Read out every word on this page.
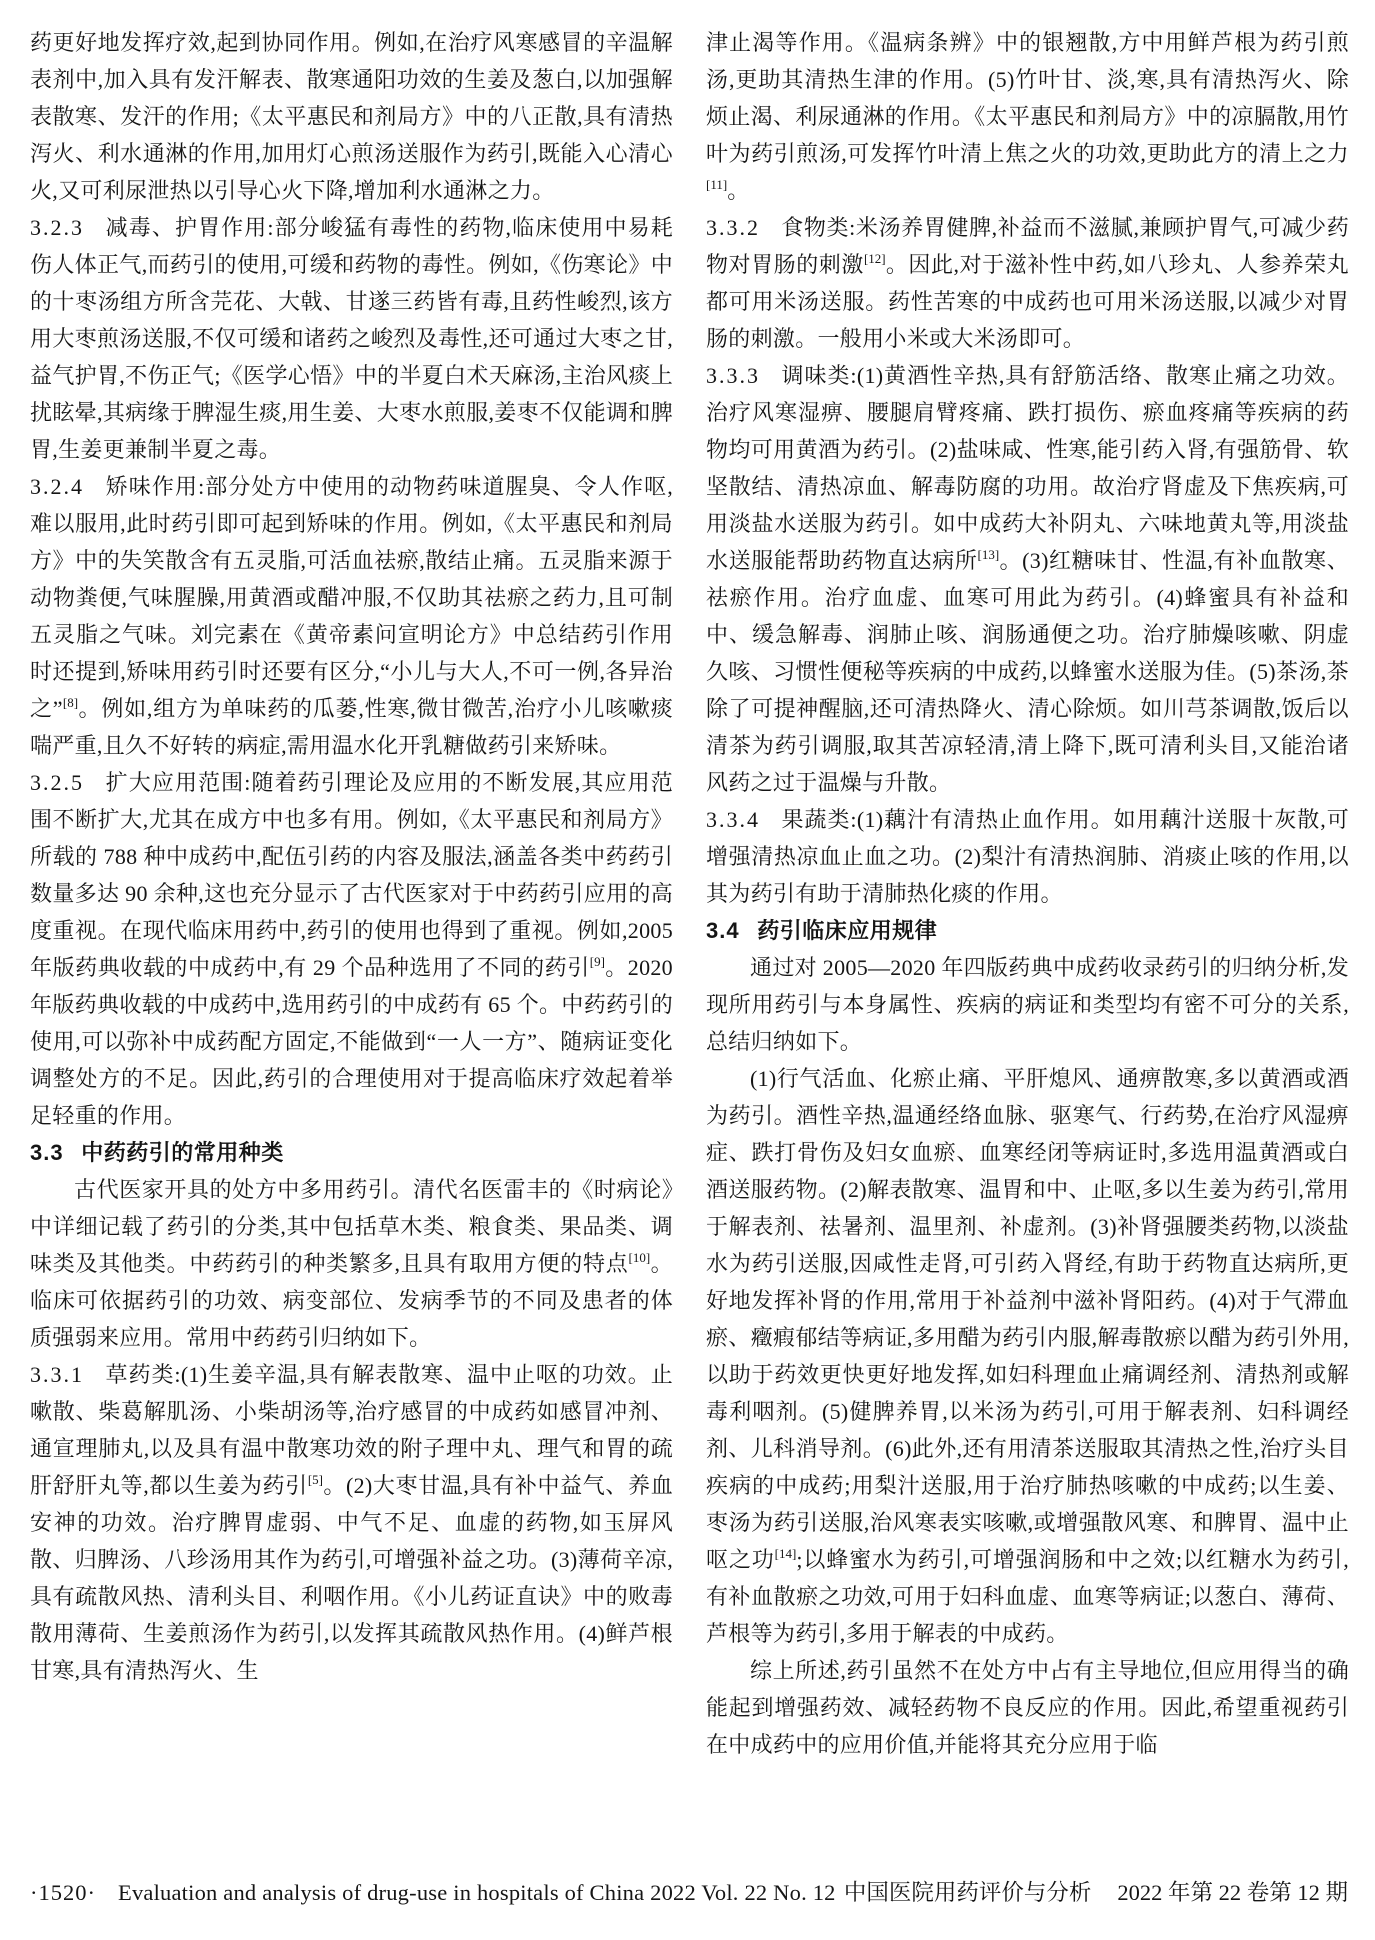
药更好地发挥疗效,起到协同作用。例如,在治疗风寒感冒的辛温解表剂中,加入具有发汗解表、散寒通阳功效的生姜及葱白,以加强解表散寒、发汗的作用;《太平惠民和剂局方》中的八正散,具有清热泻火、利水通淋的作用,加用灯心煎汤送服作为药引,既能入心清心火,又可利尿泄热以引导心火下降,增加利水通淋之力。

3.2.3 减毒、护胃作用:部分峻猛有毒性的药物,临床使用中易耗伤人体正气,而药引的使用,可缓和药物的毒性。例如,《伤寒论》中的十枣汤组方所含芫花、大戟、甘遂三药皆有毒,且药性峻烈,该方用大枣煎汤送服,不仅可缓和诸药之峻烈及毒性,还可通过大枣之甘,益气护胃,不伤正气;《医学心悟》中的半夏白术天麻汤,主治风痰上扰眩晕,其病缘于脾湿生痰,用生姜、大枣水煎服,姜枣不仅能调和脾胃,生姜更兼制半夏之毒。

3.2.4 矫味作用:部分处方中使用的动物药味道腥臭、令人作呕,难以服用,此时药引即可起到矫味的作用。例如,《太平惠民和剂局方》中的失笑散含有五灵脂,可活血祛瘀,散结止痛。五灵脂来源于动物粪便,气味腥臊,用黄酒或醋冲服,不仅助其祛瘀之药力,且可制五灵脂之气味。刘完素在《黄帝素问宣明论方》中总结药引作用时还提到,矫味用药引时还要有区分,“小儿与大人,不可一例,各异治之”[8]。例如,组方为单味药的瓜蒌,性寒,微甘微苦,治疗小儿咳嗽痰喘严重,且久不好转的病症,需用温水化开乳糖做药引来矫味。

3.2.5 扩大应用范围:随着药引理论及应用的不断发展,其应用范围不断扩大,尤其在成方中也多有用。例如,《太平惠民和剂局方》所载的 788 种中成药中,配伍引药的内容及服法,涵盖各类中药药引数量多达 90 余种,这也充分显示了古代医家对于中药药引应用的高度重视。在现代临床用药中,药引的使用也得到了重视。例如,2005 年版药典收载的中成药中,有 29 个品种选用了不同的药引[9]。2020 年版药典收载的中成药中,选用药引的中成药有 65 个。中药药引的使用,可以弥补中成药配方固定,不能做到“一人一方”、随病证变化调整处方的不足。因此,药引的合理使用对于提高临床疗效起着举足轻重的作用。

3.3 中药药引的常用种类

古代医家开具的处方中多用药引。清代名医雷丰的《时病论》中详细记载了药引的分类,其中包括草木类、粮食类、果品类、调味类及其他类。中药药引的种类繁多,且具有取用方便的特点[10]。临床可依据药引的功效、病变部位、发病季节的不同及患者的体质强弱来应用。常用中药药引归纳如下。

3.3.1 草药类:(1)生姜辛温,具有解表散寒、温中止呕的功效。止嗽散、柴葛解肌汤、小柴胡汤等,治疗感冒的中成药如感冒冲剂、通宣理肺丸,以及具有温中散寒功效的附子理中丸、理气和胃的疏肝舒肝丸等,都以生姜为药引[5]。(2)大枣甘温,具有补中益气、养血安神的功效。治疗脾胃虚弱、中气不足、血虚的药物,如玉屏风散、归脾汤、八珍汤用其作为药引,可增强补益之功。(3)薄荷辛凉,具有疏散风热、清利头目、利咽作用。《小儿药证直诀》中的败毒散用薄荷、生姜煎汤作为药引,以发挥其疏散风热作用。(4)鲜芦根甘寒,具有清热泻火、生

津止渴等作用。《温病条辨》中的银翘散,方中用鲜芦根为药引煎汤,更助其清热生津的作用。(5)竹叶甘、淡,寒,具有清热泻火、除烦止渴、利尿通淋的作用。《太平惠民和剂局方》中的凉膈散,用竹叶为药引煎汤,可发挥竹叶清上焦之火的功效,更助此方的清上之力[11]。

3.3.2 食物类:米汤养胃健脾,补益而不滋腻,兼顾护胃气,可减少药物对胃肠的刺激[12]。因此,对于滋补性中药,如八珍丸、人参养荣丸都可用米汤送服。药性苦寒的中成药也可用米汤送服,以减少对胃肠的刺激。一般用小米或大米汤即可。

3.3.3 调味类:(1)黄酒性辛热,具有舒筋活络、散寒止痛之功效。治疗风寒湿痹、腰腿肩臂疼痛、跌打损伤、瘀血疼痛等疾病的药物均可用黄酒为药引。(2)盐味咸、性寒,能引药入肾,有强筋骨、软坚散结、清热凉血、解毒防腐的功用。故治疗肾虚及下焦疾病,可用淡盐水送服为药引。如中成药大补阴丸、六味地黄丸等,用淡盐水送服能帮助药物直达病所[13]。(3)红糖味甘、性温,有补血散寒、祛瘀作用。治疗血虚、血寒可用此为药引。(4)蜂蜜具有补益和中、缓急解毒、润肺止咳、润肠通便之功。治疗肺燥咳嗽、阴虚久咳、习惯性便秘等疾病的中成药,以蜂蜜水送服为佳。(5)茶汤,茶除了可提神醒脑,还可清热降火、清心除烦。如川芎茶调散,饭后以清茶为药引调服,取其苦凉轻清,清上降下,既可清利头目,又能治诸风药之过于温燥与升散。

3.3.4 果蔬类:(1)藕汁有清热止血作用。如用藕汁送服十灰散,可增强清热凉血止血之功。(2)梨汁有清热润肺、消痰止咳的作用,以其为药引有助于清肺热化痰的作用。

3.4 药引临床应用规律

通过对 2005—2020 年四版药典中成药收录药引的归纳分析,发现所用药引与本身属性、疾病的病证和类型均有密不可分的关系,总结归纳如下。

(1)行气活血、化瘀止痛、平肝熄风、通痹散寒,多以黄酒或酒为药引。酒性辛热,温通经络血脉、驱寒气、行药势,在治疗风湿痹症、跌打骨伤及妇女血瘀、血寒经闭等病证时,多选用温黄酒或白酒送服药物。(2)解表散寒、温胃和中、止呕,多以生姜为药引,常用于解表剂、祛暑剂、温里剂、补虚剂。(3)补肾强腰类药物,以淡盐水为药引送服,因咸性走肾,可引药入肾经,有助于药物直达病所,更好地发挥补肾的作用,常用于补益剂中滋补肾阳药。(4)对于气滞血瘀、癥瘕郁结等病证,多用醋为药引内服,解毒散瘀以醋为药引外用,以助于药效更快更好地发挥,如妇科理血止痛调经剂、清热剂或解毒利咽剂。(5)健脾养胃,以米汤为药引,可用于解表剂、妇科调经剂、儿科消导剂。(6)此外,还有用清茶送服取其清热之性,治疗头目疾病的中成药;用梨汁送服,用于治疗肺热咳嗽的中成药;以生姜、枣汤为药引送服,治风寒表实咳嗽,或增强散风寒、和脾胃、温中止呕之功[14];以蜂蜜水为药引,可增强润肠和中之效;以红糖水为药引,有补血散瘀之功效,可用于妇科血虚、血寒等病证;以葱白、薄荷、芦根等为药引,多用于解表的中成药。

综上所述,药引虽然不在处方中占有主导地位,但应用得当的确能起到增强药效、减轻药物不良反应的作用。因此,希望重视药引在中成药中的应用价值,并能将其充分应用于临

·1520· Evaluation and analysis of drug-use in hospitals of China 2022 Vol. 22 No. 12 中国医院用药评价与分析 2022 年第 22 卷第 12 期
